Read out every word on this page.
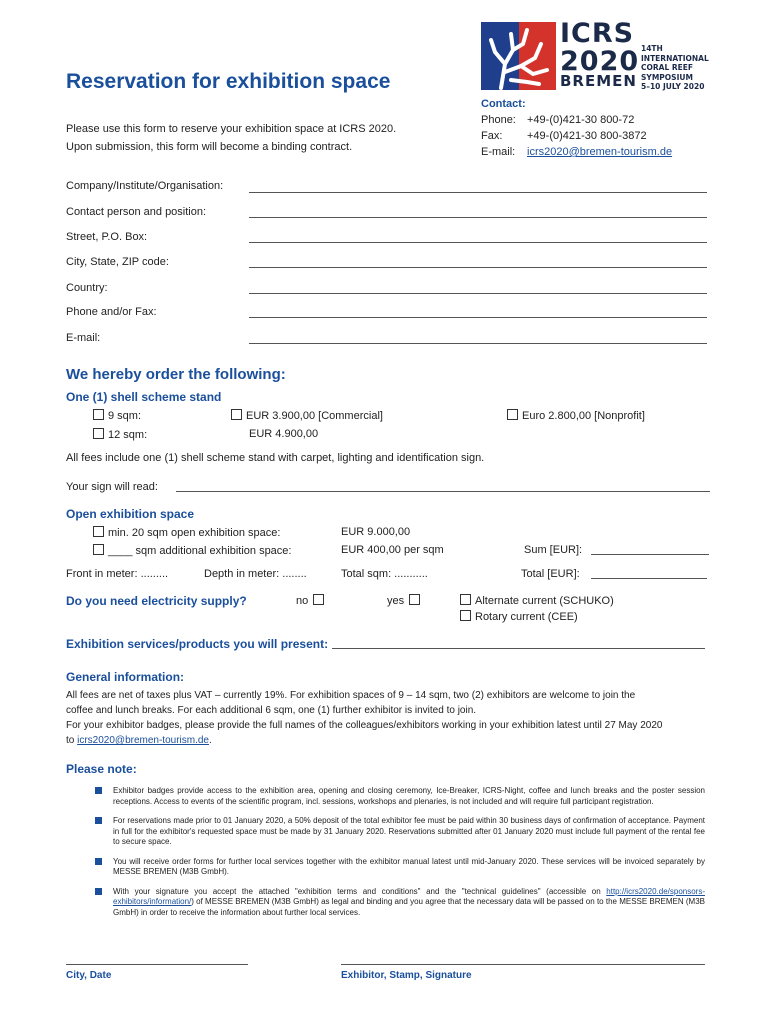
Reservation for exhibition space
Please use this form to reserve your exhibition space at ICRS 2020.
Upon submission, this form will become a binding contract.
ICRS
2020
BREMEN
14TH
INTERNATIONAL
CORAL REEF
SYMPOSIUM
5–10 JULY 2020
Contact:
Phone: +49-(0)421-30 800-72
Fax: +49-(0)421-30 800-3872
E-mail: icrs2020@bremen-tourism.de
Company/Institute/Organisation:
Contact person and position:
Street, P.O. Box:
City, State, ZIP code:
Country:
Phone and/or Fax:
E-mail:
We hereby order the following:
One (1) shell scheme stand
9 sqm:	EUR 3.900,00 [Commercial]	Euro 2.800,00 [Nonprofit]
12 sqm:	EUR 4.900,00
All fees include one (1) shell scheme stand with carpet, lighting and identification sign.
Your sign will read:
Open exhibition space
min. 20 sqm open exhibition space:	EUR 9.000,00
____ sqm additional exhibition space:	EUR 400,00 per sqm	Sum [EUR]:
Front in meter: .........	Depth in meter: ........	Total sqm: ...........	Total [EUR]:
Do you need electricity supply?	no	yes	Alternate current (SCHUKO)
Rotary current (CEE)
Exhibition services/products you will present:
General information:
All fees are net of taxes plus VAT – currently 19%. For exhibition spaces of 9 – 14 sqm, two (2) exhibitors are welcome to join the
coffee and lunch breaks. For each additional 6 sqm, one (1) further exhibitor is invited to join.
For your exhibitor badges, please provide the full names of the colleagues/exhibitors working in your exhibition latest until 27 May 2020
to icrs2020@bremen-tourism.de.
Please note:
Exhibitor badges provide access to the exhibition area, opening and closing ceremony, Ice-Breaker, ICRS-Night, coffee and lunch breaks and the poster session receptions. Access to events of the scientific program, incl. sessions, workshops and plenaries, is not included and will require full participant registration.
For reservations made prior to 01 January 2020, a 50% deposit of the total exhibitor fee must be paid within 30 business days of confirmation of acceptance. Payment in full for the exhibitor's requested space must be made by 31 January 2020. Reservations submitted after 01 January 2020 must include full payment of the rental fee to secure space.
You will receive order forms for further local services together with the exhibitor manual latest until mid-January 2020. These services will be invoiced separately by MESSE BREMEN (M3B GmbH).
With your signature you accept the attached "exhibition terms and conditions" and the "technical guidelines" (accessible on http://icrs2020.de/sponsors-exhibitors/information/) of MESSE BREMEN (M3B GmbH) as legal and binding and you agree that the necessary data will be passed on to the MESSE BREMEN (M3B GmbH) in order to receive the information about further local services.
City, Date	Exhibitor, Stamp, Signature
